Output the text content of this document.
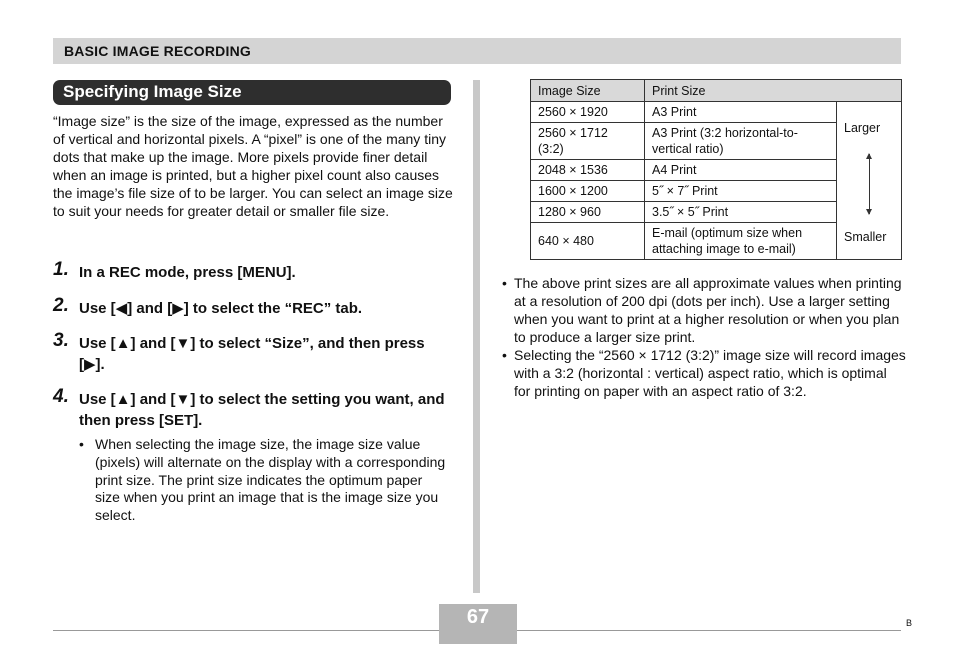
BASIC IMAGE RECORDING
Specifying Image Size

“Image size” is the size of the image, expressed as the number of vertical and horizontal pixels. A “pixel” is one of the many tiny dots that make up the image. More pixels provide finer detail when an image is printed, but a higher pixel count also causes the image’s file size of to be larger. You can select an image size to suit your needs for greater detail or smaller file size.

1. In a REC mode, press [MENU].
2. Use [◀] and [▶] to select the “REC” tab.
3. Use [▲] and [▼] to select “Size”, and then press [▶].
4. Use [▲] and [▼] to select the setting you want, and then press [SET].
• When selecting the image size, the image size value (pixels) will alternate on the display with a corresponding print size. The print size indicates the optimum paper size when you print an image that is the image size you select.
Image Size	Print Size	
2560 × 1920	A3 Print	Larger
Smaller

2560 × 1712 (3:2)	A3 Print (3:2 horizontal-to-vertical ratio)	
2048 × 1536	A4 Print	
1600 × 1200	5˝ × 7˝ Print	
1280 × 960	3.5˝ × 5˝ Print	
640 × 480	E-mail (optimum size when attaching image to e-mail)	
• The above print sizes are all approximate values when printing at a resolution of 200 dpi (dots per inch). Use a larger setting when you want to print at a higher resolution or when you plan to produce a larger size print.
• Selecting the “2560 × 1712 (3:2)” image size will record images with a 3:2 (horizontal : vertical) aspect ratio, which is optimal for printing on paper with an aspect ratio of 3:2.
67	B
